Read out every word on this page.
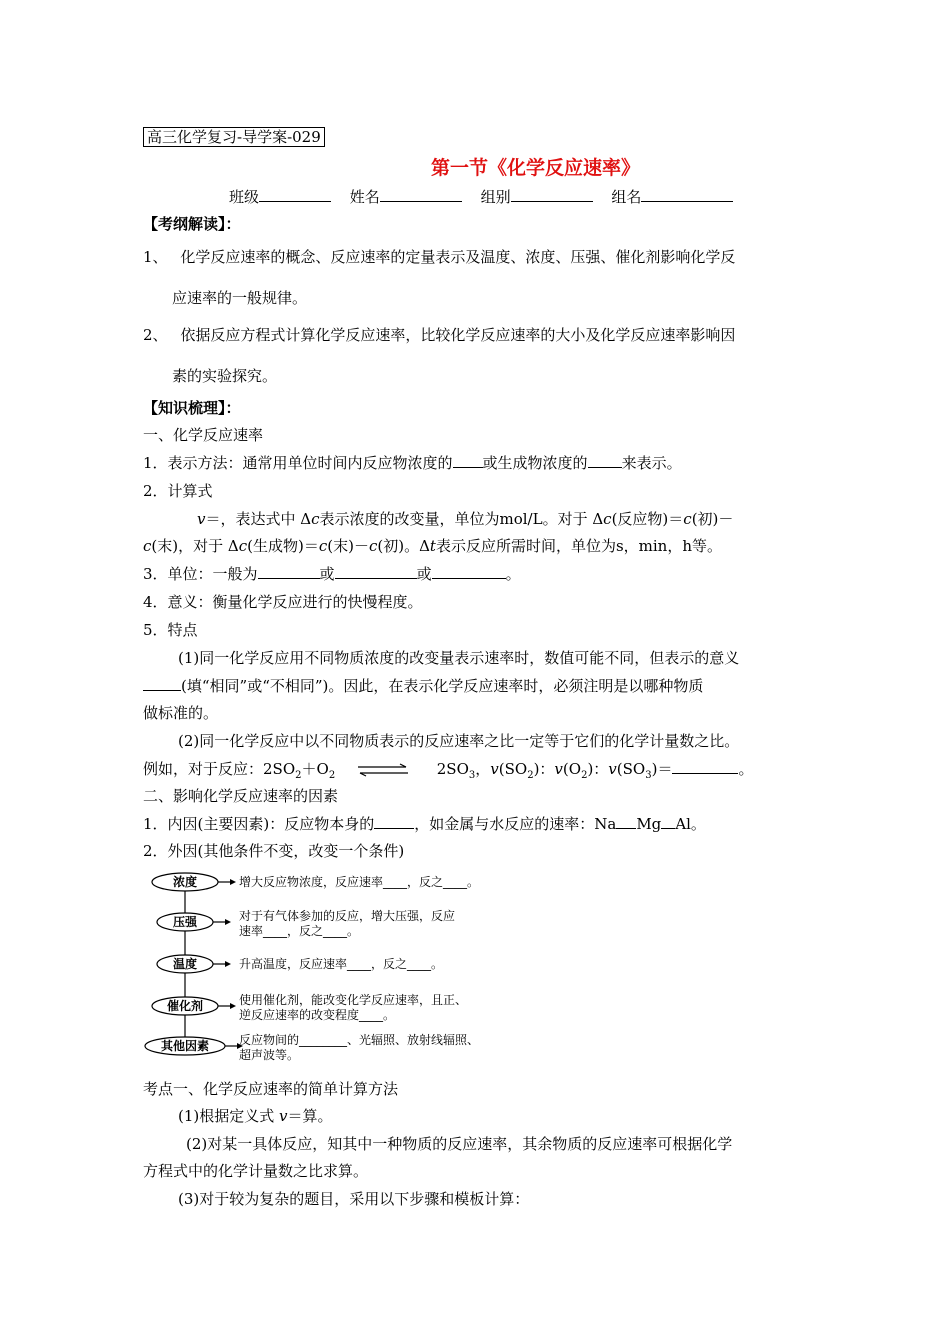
高三化学复习-导学案-029
第一节《化学反应速率》
班级	姓名	组别	组名
【考纲解读】：
1、 化学反应速率的概念、反应速率的定量表示及温度、浓度、压强、催化剂影响化学反
应速率的一般规律。
2、 依据反应方程式计算化学反应速率，比较化学反应速率的大小及化学反应速率影响因
素的实验探究。
【知识梳理】：
一、化学反应速率
1．表示方法：通常用单位时间内反应物浓度的 或生成物浓度的 来表示。
2．计算式
v＝，表达式中 Δc表示浓度的改变量，单位为mol/L。对于 Δc(反应物)＝c(初)－
c(末)，对于 Δc(生成物)＝c(末)－c(初)。Δt表示反应所需时间，单位为s，min，h等。
3．单位：一般为	或	或	。
4．意义：衡量化学反应进行的快慢程度。
5．特点
(1)同一化学反应用不同物质浓度的改变量表示速率时，数值可能不同，但表示的意义
(填“相同”或“不相同”)。因此，在表示化学反应速率时，必须注明是以哪种物质
做标准的。
(2)同一化学反应中以不同物质表示的反应速率之比一定等于它们的化学计量数之比。
例如，对于反应：$2SO_2+O_2$ ⇌ $2SO_3$，$v(SO_2)$：$v(O_2)$：$v(SO_3)=$	。
二、影响化学反应速率的因素
1．内因(主要因素)：反应物本身的	，如金属与水反应的速率：Na Mg Al。
2．外因(其他条件不变，改变一个条件)
浓度	增大反应物浓度，反应速率____，反之____。
压强	对于有气体参加的反应，增大压强，反应
速率____，反之____。
温度	升高温度，反应速率____，反之____。
催化剂	使用催化剂，能改变化学反应速率，且正、
逆反应速率的改变程度____。
其他因素 反应物间的________、光辐照、放射线辐照、
超声波等。
考点一、化学反应速率的简单计算方法
(1)根据定义式 v＝算。
(2)对某一具体反应，知其中一种物质的反应速率，其余物质的反应速率可根据化学
方程式中的化学计量数之比求算。
(3)对于较为复杂的题目，采用以下步骤和模板计算：
